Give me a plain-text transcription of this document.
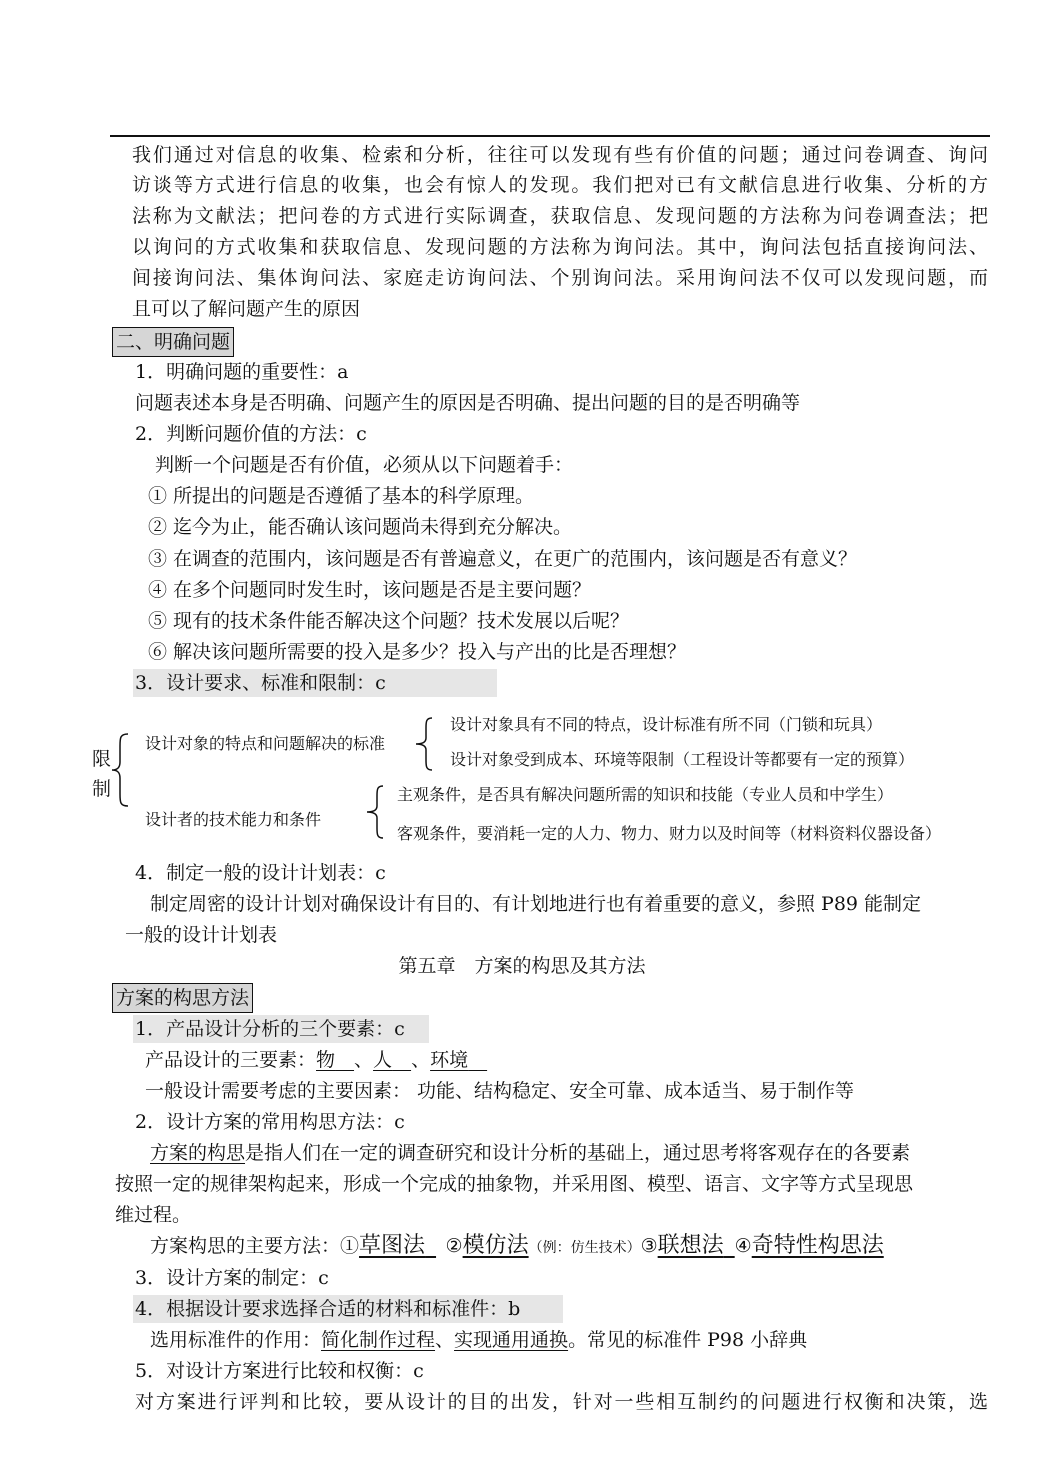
我们通过对信息的收集、检索和分析，往往可以发现有些有价值的问题；通过问卷调查、询问
访谈等方式进行信息的收集，也会有惊人的发现。我们把对已有文献信息进行收集、分析的方
法称为文献法；把问卷的方式进行实际调查，获取信息、发现问题的方法称为问卷调查法；把
以询问的方式收集和获取信息、发现问题的方法称为询问法。其中，询问法包括直接询问法、
间接询问法、集体询问法、家庭走访询问法、个别询问法。采用询问法不仅可以发现问题，而
且可以了解问题产生的原因
二、明确问题
1．明确问题的重要性：a
问题表述本身是否明确、问题产生的原因是否明确、提出问题的目的是否明确等
2．判断问题价值的方法：c
判断一个问题是否有价值，必须从以下问题着手：
① 所提出的问题是否遵循了基本的科学原理。
② 迄今为止，能否确认该问题尚未得到充分解决。
③ 在调查的范围内，该问题是否有普遍意义，在更广的范围内，该问题是否有意义？
④ 在多个问题同时发生时，该问题是否是主要问题？
⑤ 现有的技术条件能否解决这个问题？技术发展以后呢？
⑥ 解决该问题所需要的投入是多少？投入与产出的比是否理想？
3．设计要求、标准和限制：c
限
制
设计对象的特点和问题解决的标准
设计对象具有不同的特点，设计标准有所不同（门锁和玩具）
设计对象受到成本、环境等限制（工程设计等都要有一定的预算）
设计者的技术能力和条件
主观条件，是否具有解决问题所需的知识和技能（专业人员和中学生）
客观条件，要消耗一定的人力、物力、财力以及时间等（材料资料仪器设备）
4．制定一般的设计计划表：c
制定周密的设计计划对确保设计有目的、有计划地进行也有着重要的意义，参照 P89 能制定
一般的设计计划表
第五章　方案的构思及其方法
方案的构思方法
1．产品设计分析的三个要素：c
产品设计的三要素：物  、人  、环境 
一般设计需要考虑的主要因素： 功能、结构稳定、安全可靠、成本适当、易于制作等
2．设计方案的常用构思方法：c
方案的构思是指人们在一定的调查研究和设计分析的基础上，通过思考将客观存在的各要素
按照一定的规律架构起来，形成一个完成的抽象物，并采用图、模型、语言、文字等方式呈现思
维过程。
方案构思的主要方法：①草图法   ②模仿法（例：仿生技术）③联想法  ④奇特性构思法
3．设计方案的制定：c
4．根据设计要求选择合适的材料和标准件：b
选用标准件的作用：简化制作过程、实现通用通换。常见的标准件 P98 小辞典
5．对设计方案进行比较和权衡：c
对方案进行评判和比较，要从设计的目的出发，针对一些相互制约的问题进行权衡和决策，选
